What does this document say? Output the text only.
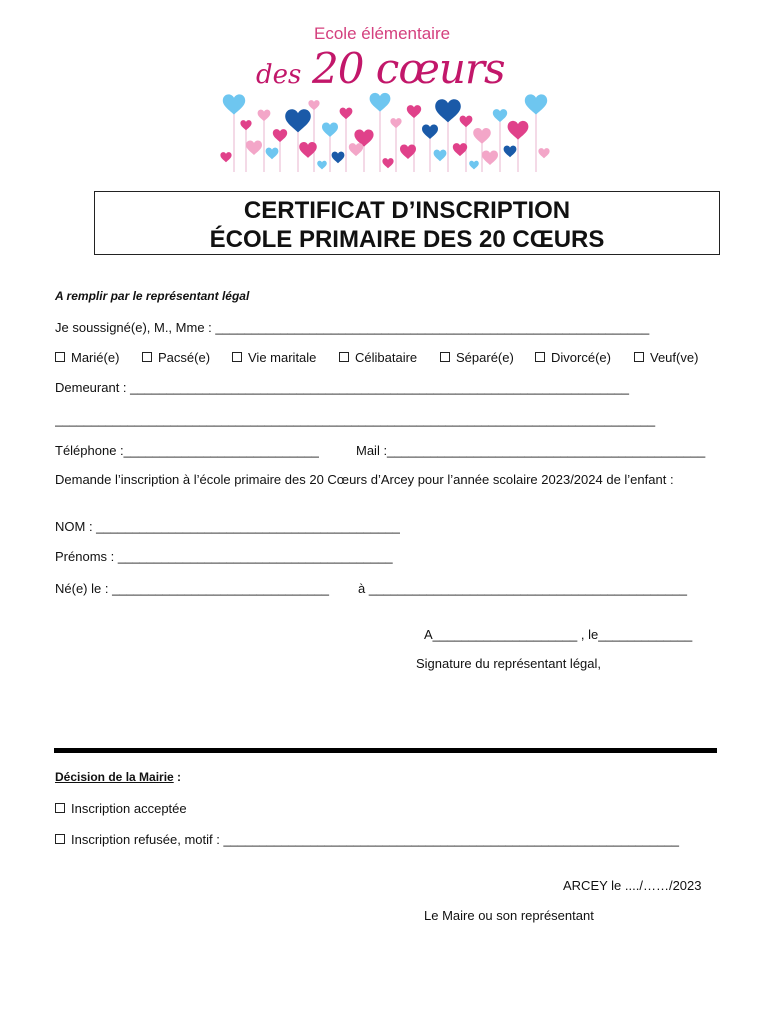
Ecole élémentaire
des 20 cœurs
CERTIFICAT D’INSCRIPTION
ÉCOLE PRIMAIRE DES 20 CŒURS
A remplir par le représentant légal
Je soussigné(e), M., Mme : ____________________________________________________________
Marié(e)	Pacsé(e)	Vie maritale	Célibataire	Séparé(e)	Divorcé(e)	Veuf(ve)
Demeurant : _____________________________________________________________________
___________________________________________________________________________________
Téléphone :___________________________	Mail :____________________________________________
Demande l’inscription à l’école primaire des 20 Cœurs d’Arcey pour l’année scolaire 2023/2024 de l’enfant :
NOM : __________________________________________
Prénoms : ______________________________________
Né(e) le : ______________________________ à ____________________________________________
A____________________ , le_____________
Signature du représentant légal,
Décision de la Mairie :
Inscription acceptée
Inscription refusée, motif : _______________________________________________________________
ARCEY le ..../……/2023
Le Maire ou son représentant
